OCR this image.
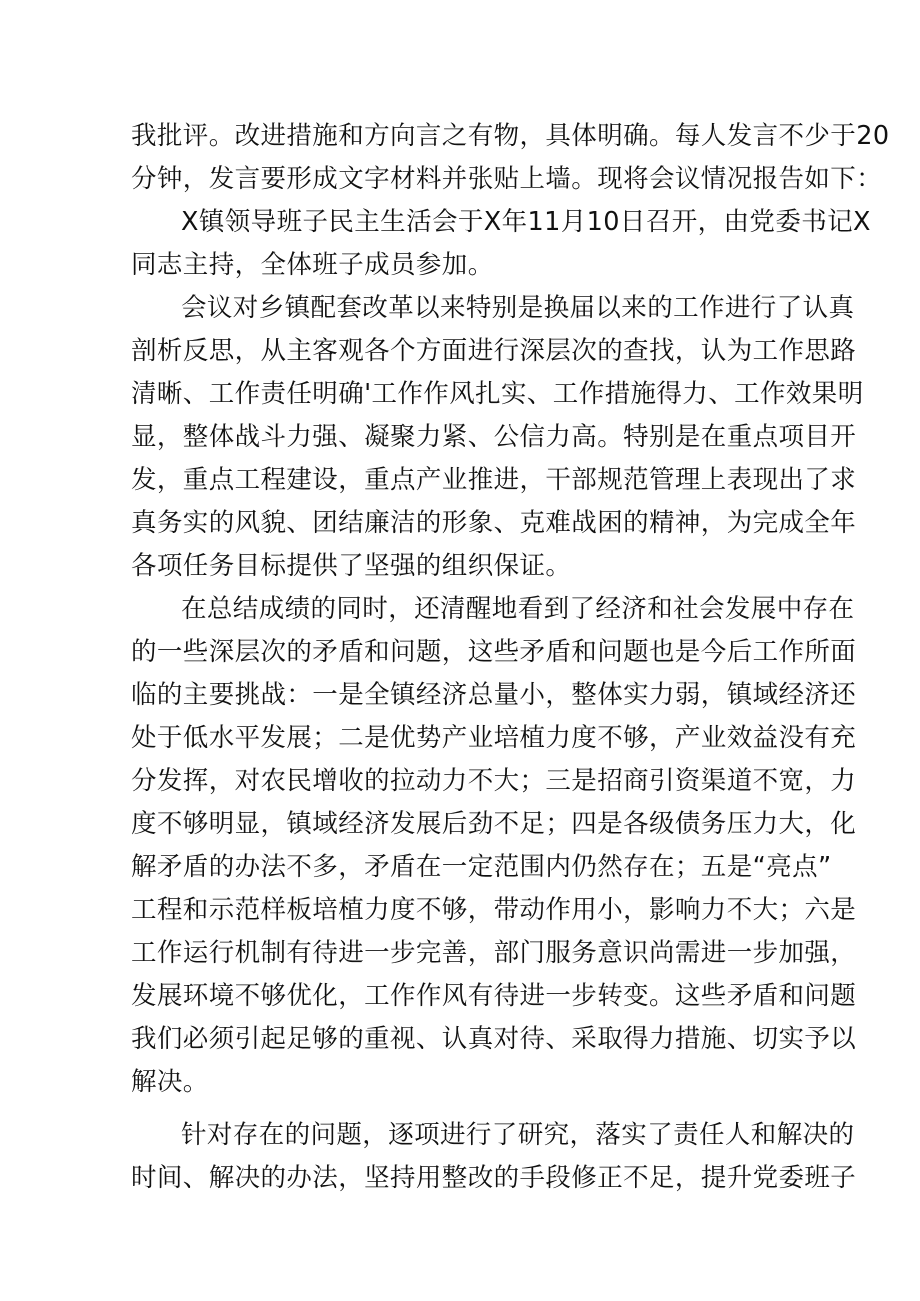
我批评。改进措施和方向言之有物，具体明确。每人发言不少于20
分钟，发言要形成文字材料并张贴上墙。现将会议情况报告如下：
X镇领导班子民主生活会于X年11月10日召开，由党委书记X
同志主持，全体班子成员参加。
会议对乡镇配套改革以来特别是换届以来的工作进行了认真
剖析反思，从主客观各个方面进行深层次的查找，认为工作思路
清晰、工作责任明确'工作作风扎实、工作措施得力、工作效果明
显，整体战斗力强、凝聚力紧、公信力高。特别是在重点项目开
发，重点工程建设，重点产业推进，干部规范管理上表现出了求
真务实的风貌、团结廉洁的形象、克难战困的精神，为完成全年
各项任务目标提供了坚强的组织保证。
在总结成绩的同时，还清醒地看到了经济和社会发展中存在
的一些深层次的矛盾和问题，这些矛盾和问题也是今后工作所面
临的主要挑战：一是全镇经济总量小，整体实力弱，镇域经济还
处于低水平发展；二是优势产业培植力度不够，产业效益没有充
分发挥，对农民增收的拉动力不大；三是招商引资渠道不宽，力
度不够明显，镇域经济发展后劲不足；四是各级债务压力大，化
解矛盾的办法不多，矛盾在一定范围内仍然存在；五是“亮点”
工程和示范样板培植力度不够，带动作用小，影响力不大；六是
工作运行机制有待进一步完善，部门服务意识尚需进一步加强，
发展环境不够优化，工作作风有待进一步转变。这些矛盾和问题
我们必须引起足够的重视、认真对待、采取得力措施、切实予以
解决。
针对存在的问题，逐项进行了研究，落实了责任人和解决的
时间、解决的办法，坚持用整改的手段修正不足，提升党委班子
